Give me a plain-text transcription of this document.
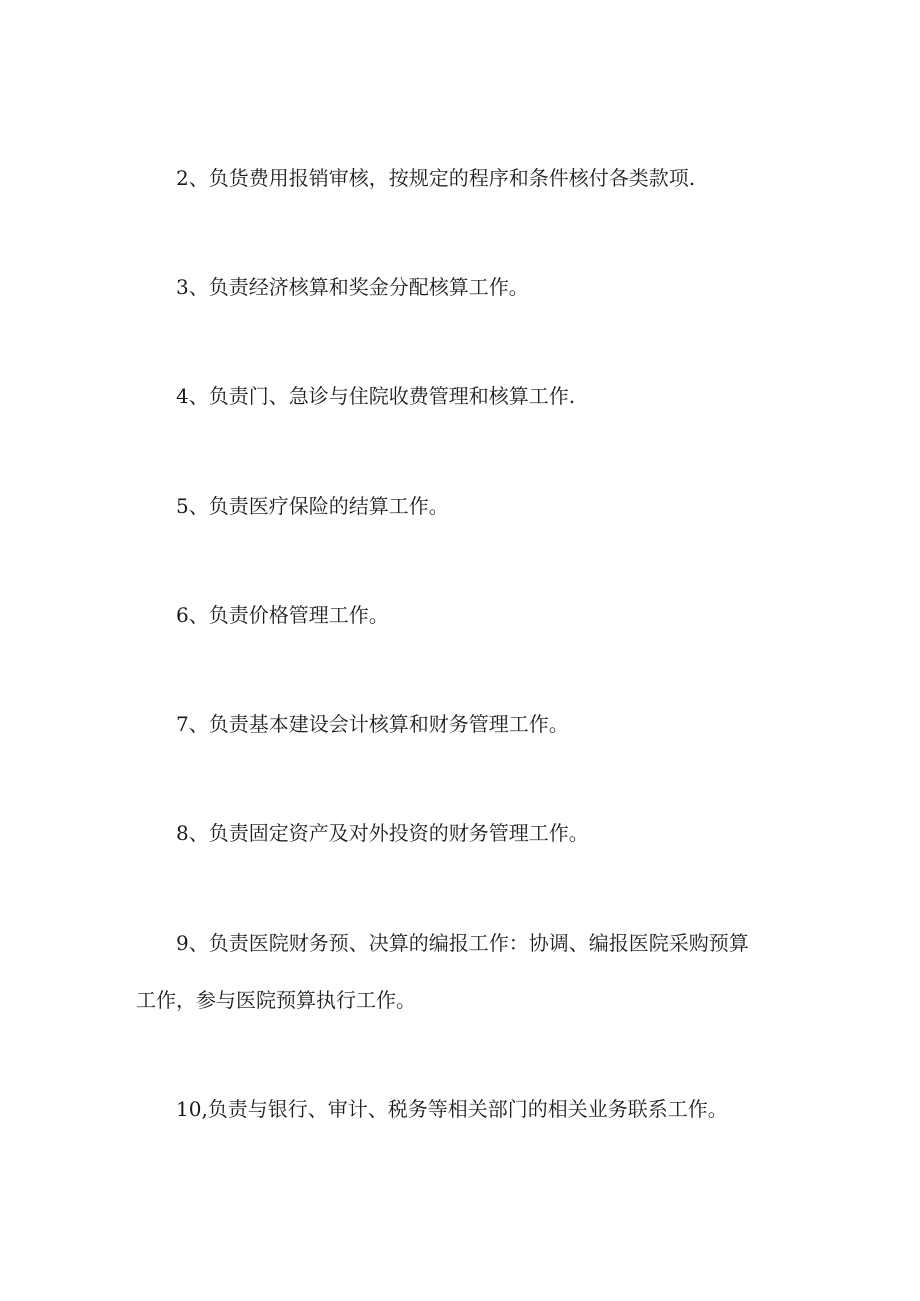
2、负货费用报销审核，按规定的程序和条件核付各类款项.

3、负责经济核算和奖金分配核算工作。

4、负责门、急诊与住院收费管理和核算工作.

5、负责医疗保险的结算工作。

6、负责价格管理工作。

7、负责基本建设会计核算和财务管理工作。

8、负责固定资产及对外投资的财务管理工作。

9、负责医院财务预、决算的编报工作：协调、编报医院采购预算

工作，参与医院预算执行工作。

10,负责与银行、审计、税务等相关部门的相关业务联系工作。
